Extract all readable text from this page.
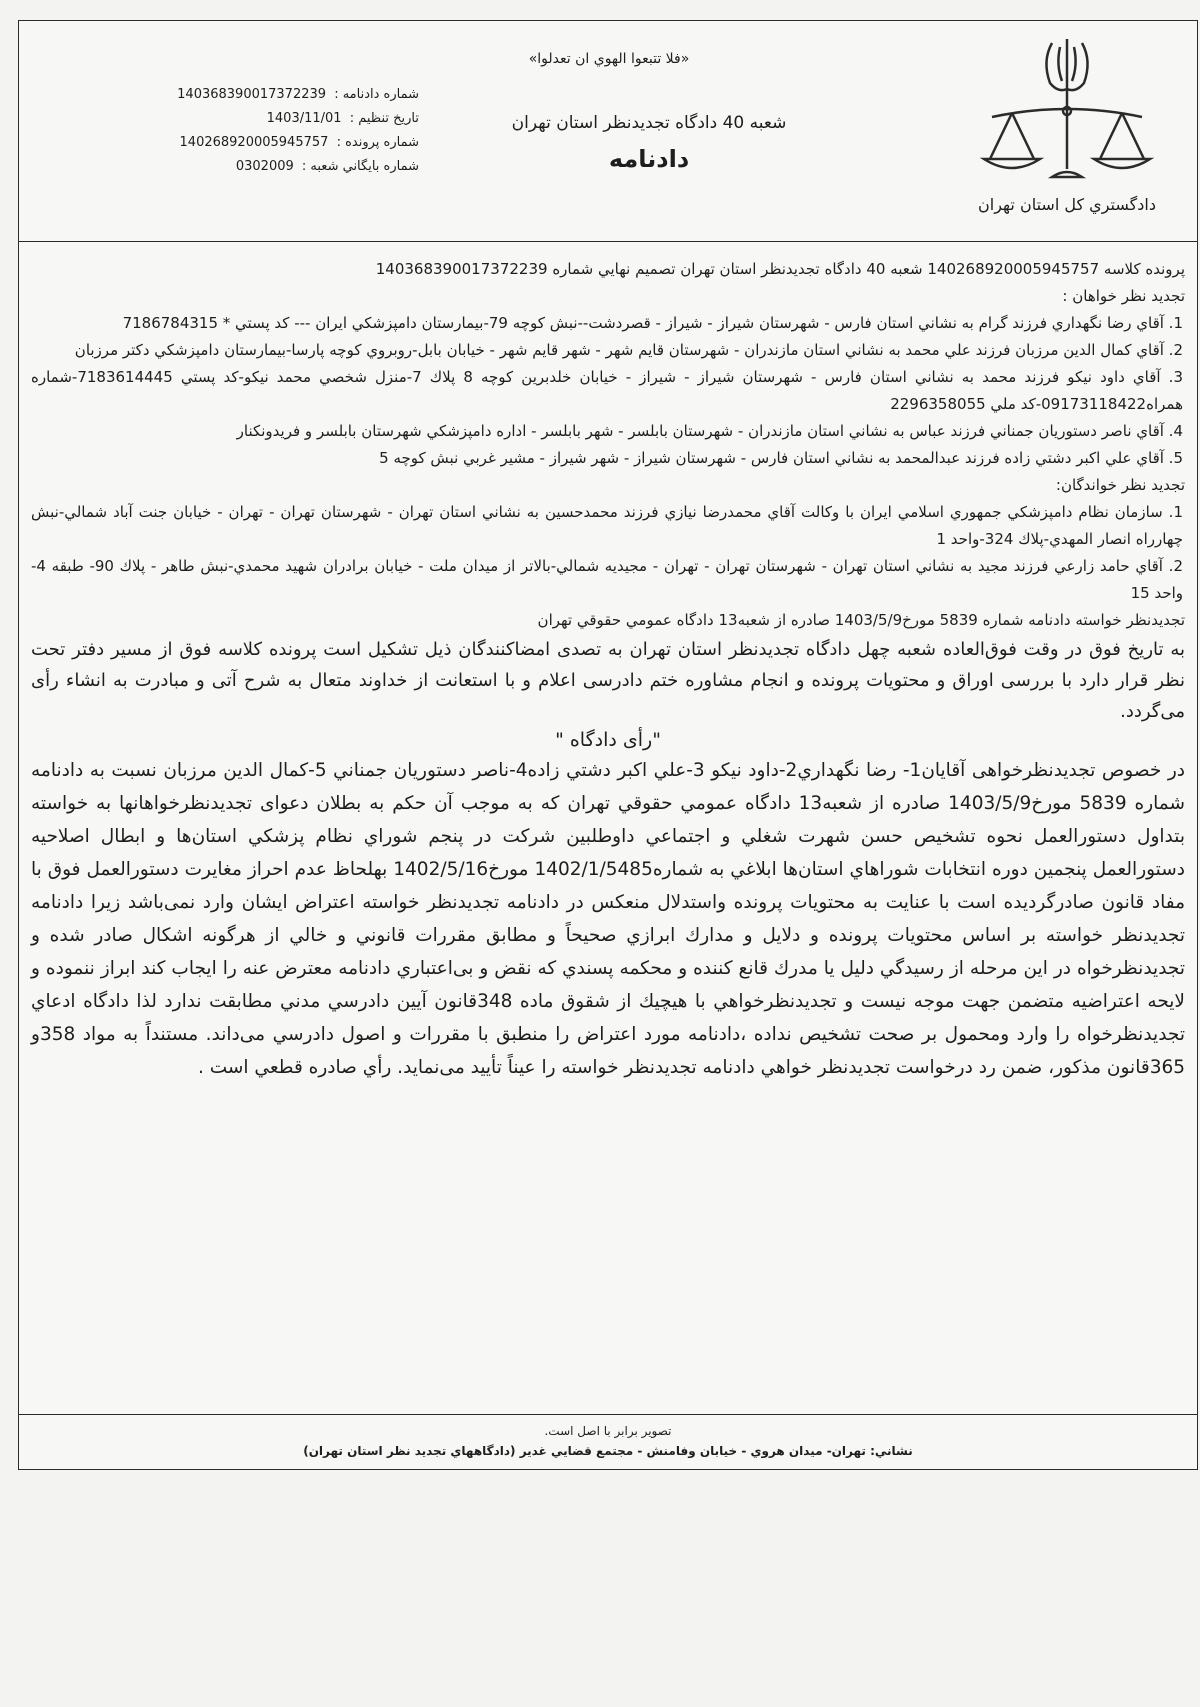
دادگستري كل استان تهران
«فلا تتبعوا الهوي ان تعدلوا»
شعبه 40 دادگاه تجديدنظر استان تهران
دادنامه
شماره دادنامه : 140368390017372239
تاريخ تنظيم : 1403/11/01
شماره پرونده : 140268920005945757
شماره بايگاني شعبه : 0302009

پرونده كلاسه 140268920005945757 شعبه 40 دادگاه تجديدنظر استان تهران تصميم نهايي شماره 140368390017372239

تجديد نظر خواهان :

1. آقاي رضا نگهداري فرزند گرام به نشاني استان فارس - شهرستان شيراز - شيراز - قصردشت--نبش كوچه 79-بيمارستان دامپزشكي ايران --- كد پستي * 7186784315

2. آقاي كمال الدين مرزبان فرزند علي محمد به نشاني استان مازندران - شهرستان قايم شهر - شهر قايم شهر - خيابان بابل-روبروي كوچه پارسا-بيمارستان دامپزشكي دكتر مرزبان

3. آقاي داود نيكو فرزند محمد به نشاني استان فارس - شهرستان شيراز - شيراز - خيابان خلدبرين كوچه 8 پلاك 7-منزل شخصي محمد نيكو-كد پستي 7183614445-شماره همراه09173118422-كد ملي 2296358055

4. آقاي ناصر دستوريان جمناني فرزند عباس به نشاني استان مازندران - شهرستان بابلسر - شهر بابلسر - اداره دامپزشكي شهرستان بابلسر و فريدونكنار

5. آقاي علي اكبر دشتي زاده فرزند عبدالمحمد به نشاني استان فارس - شهرستان شيراز - شهر شيراز - مشير غربي نبش كوچه 5

تجديد نظر خواندگان:

1. سازمان نظام دامپزشكي جمهوري اسلامي ايران با وكالت آقاي محمدرضا نيازي فرزند محمدحسين به نشاني استان تهران - شهرستان تهران - تهران - خيابان جنت آباد شمالي-نبش چهارراه انصار المهدي-پلاك 324-واحد 1

2. آقاي حامد زارعي فرزند مجيد به نشاني استان تهران - شهرستان تهران - تهران - مجيديه شمالي-بالاتر از ميدان ملت - خيابان برادران شهيد محمدي-نبش طاهر - پلاك 90- طبقه 4- واحد 15

تجديدنظر خواسته دادنامه شماره 5839 مورخ1403/5/9 صادره از شعبه13 دادگاه عمومي حقوقي تهران

به تاریخ فوق در وقت فوق‌العاده شعبه چهل دادگاه تجدیدنظر استان تهران به تصدی امضاکنندگان ذیل تشکیل است پرونده کلاسه فوق از مسیر دفتر تحت نظر قرار دارد با بررسی اوراق و محتویات پرونده و انجام مشاوره ختم دادرسی اعلام و با استعانت از خداوند متعال به شرح آتی و مبادرت به انشاء رأی می‌گردد.

"رأی دادگاه "

در خصوص تجدیدنظرخواهی آقایان1- رضا نگهداري2-داود نيكو 3-علي اكبر دشتي زاده4-ناصر دستوريان جمناني 5-كمال الدين مرزبان نسبت به دادنامه شماره 5839 مورخ1403/5/9 صادره از شعبه13 دادگاه عمومي حقوقي تهران كه به موجب آن حكم به بطلان دعوای تجديدنظرخواهانها به خواسته بتداول دستورالعمل نحوه تشخيص حسن شهرت شغلي و اجتماعي داوطلبين شركت در پنجم شوراي نظام پزشكي استان‌ها و ابطال اصلاحيه دستورالعمل پنجمين دوره انتخابات شوراهاي استان‌ها ابلاغي به شماره1402/1/5485 مورخ1402/5/16 بهلحاظ عدم احراز مغايرت دستورالعمل فوق با مفاد قانون صادرگرديده است با عنايت به محتويات پرونده واستدلال منعكس در دادنامه تجديدنظر خواسته اعتراض ايشان وارد نمی‌باشد زيرا دادنامه تجديدنظر خواسته بر اساس محتويات پرونده و دلايل و مدارك ابرازي صحيحاً و مطابق مقررات قانوني و خالي از هرگونه اشكال صادر شده و تجديدنظرخواه در اين مرحله از رسيدگي دليل يا مدرك قانع كننده و محكمه پسندي كه نقض و بی‌اعتباري دادنامه معترض عنه را ايجاب كند ابراز ننموده و لايحه اعتراضيه متضمن جهت موجه نيست و تجديدنظرخواهي با هيچيك از شقوق ماده 348قانون آيين دادرسي مدني مطابقت ندارد لذا دادگاه ادعاي تجديدنظرخواه را وارد ومحمول بر صحت تشخيص نداده ،دادنامه مورد اعتراض را منطبق با مقررات و اصول دادرسي می‌داند. مستنداً به مواد 358و 365قانون مذكور، ضمن رد درخواست تجديدنظر خواهي دادنامه تجديدنظر خواسته را عيناً تأييد می‌نمايد. رأي صادره قطعي است .

تصوير برابر با اصل است.
نشاني: تهران- ميدان هروي - خيابان وفامنش - مجتمع قضايي غدير (دادگاههاي تجديد نظر استان تهران)
